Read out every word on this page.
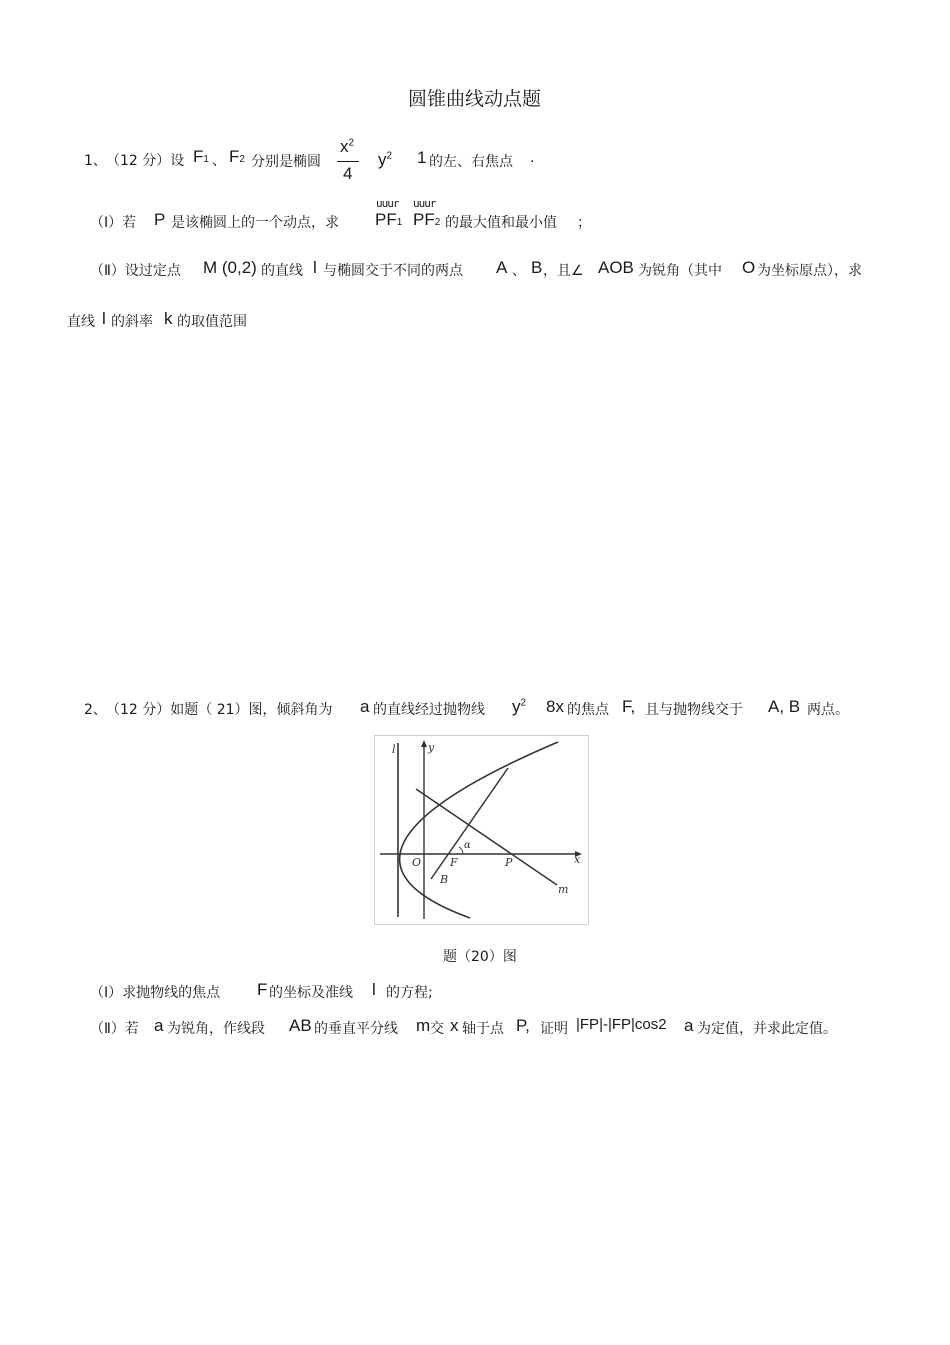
圆锥曲线动点题
1、 （12 分）设 F1 、 F2 分别是椭圆
$x^2$
4
$y^2$ 1 的左、右焦点 .
（Ⅰ）若 P 是该椭圆上的一个动点，求
uuur uuur
PF1 PF2 的最大值和最小值 ；
（Ⅱ）设过定点 M (0,2) 的直线 l 与椭圆交于不同的两点 A 、 B ，且∠ AOB 为锐角（其中 O 为坐标原点），求
直线 l 的斜率 k 的取值范围
2、 （12 分）如题（ 21）图，倾斜角为 a 的直线经过抛物线 $y^2$ 8x 的焦点 F, 且与抛物线交于 A, B 两点。
l	y
x
O	F	P
B
m
α
题（20）图
（Ⅰ）求抛物线的焦点 F 的坐标及准线 l 的方程;
（Ⅱ）若 a 为锐角，作线段 AB 的垂直平分线 m 交 x 轴于点 P, 证明 |FP|-|FP|cos2 a 为定值，并求此定值。
